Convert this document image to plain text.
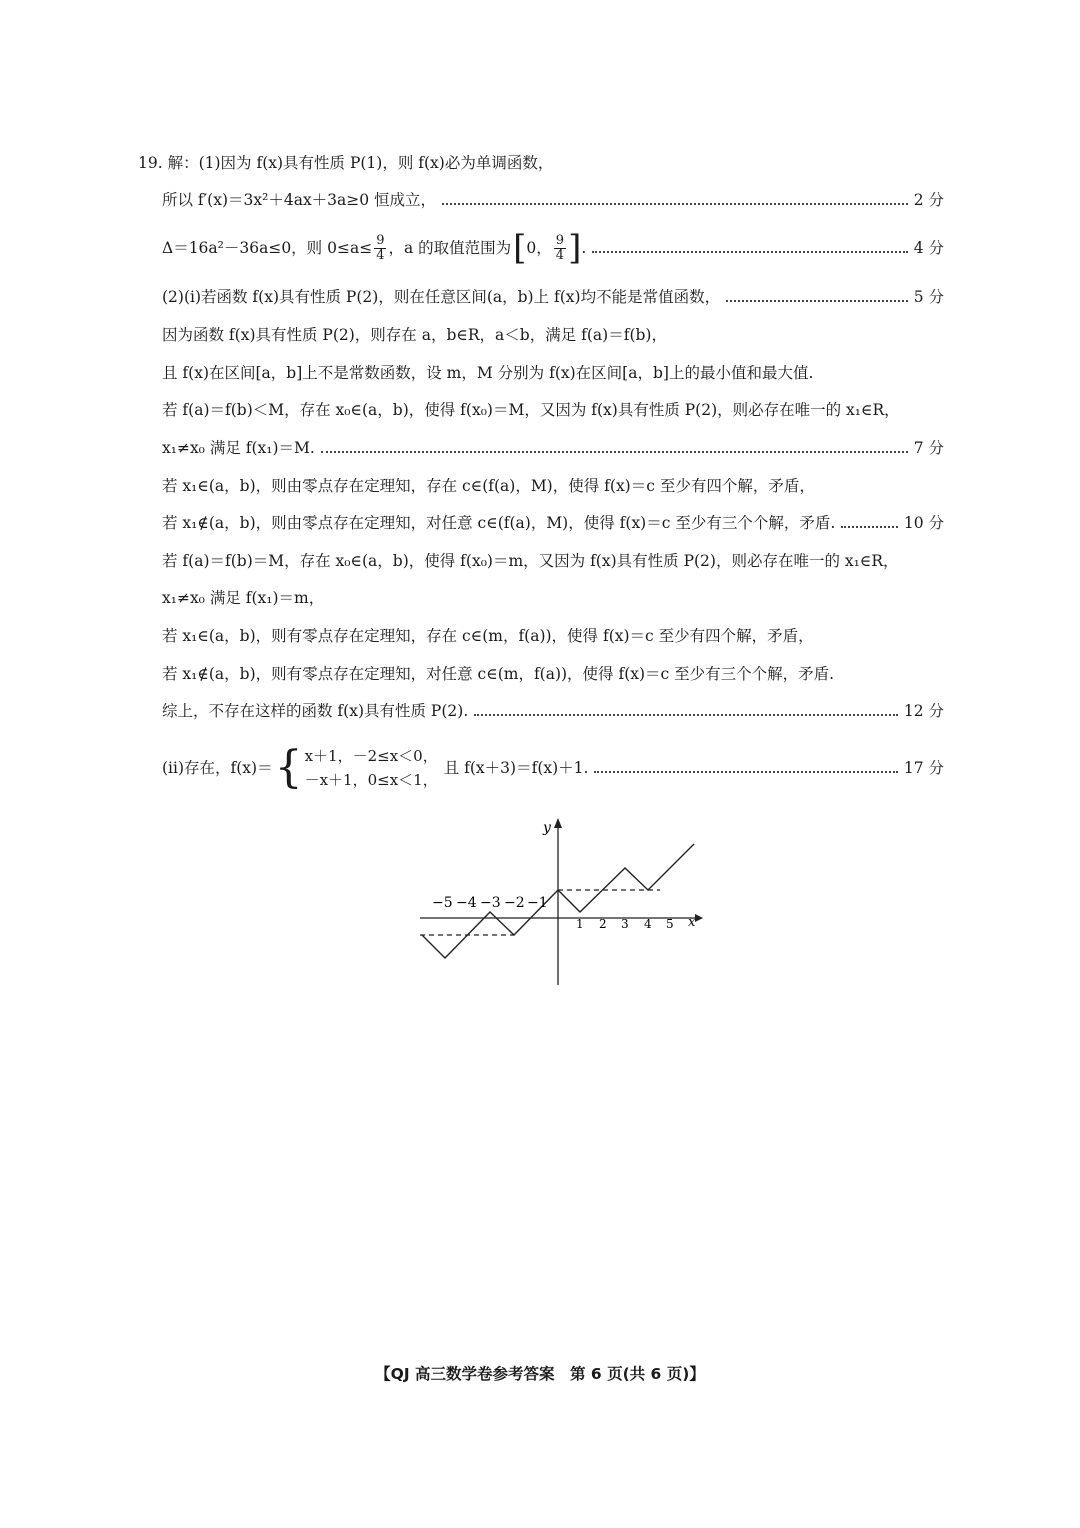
19. 解：(1)因为 f(x)具有性质 P(1)，则 f(x)必为单调函数，
所以 f′(x)＝3x²＋4ax＋3a≥0 恒成立，	2 分
Δ＝16a²－36a≤0，则 $0\le a\le \frac{9}{4}$ ，a 的取值范围为 [ 0， $\frac{9}{4}$ ] .	4 分
(2)(ⅰ)若函数 f(x)具有性质 P(2)，则在任意区间(a，b)上 f(x)均不能是常值函数，	5 分
因为函数 f(x)具有性质 P(2)，则存在 a，b∈R，a＜b，满足 f(a)＝f(b)，
且 f(x)在区间[a，b]上不是常数函数，设 m，M 分别为 f(x)在区间[a，b]上的最小值和最大值.
若 f(a)＝f(b)＜M，存在 x₀∈(a，b)，使得 f(x₀)＝M，又因为 f(x)具有性质 P(2)，则必存在唯一的 x₁∈R，
x₁≠x₀ 满足 f(x₁)＝M.	7 分
若 x₁∈(a，b)，则由零点存在定理知，存在 c∈(f(a)，M)，使得 f(x)＝c 至少有四个解，矛盾，
若 x₁∉(a，b)，则由零点存在定理知，对任意 c∈(f(a)，M)，使得 f(x)＝c 至少有三个个解，矛盾.	10 分
若 f(a)＝f(b)＝M，存在 x₀∈(a，b)，使得 f(x₀)＝m，又因为 f(x)具有性质 P(2)，则必存在唯一的 x₁∈R，
x₁≠x₀ 满足 f(x₁)＝m，
若 x₁∈(a，b)，则有零点存在定理知，存在 c∈(m，f(a))，使得 f(x)＝c 至少有四个解，矛盾，
若 x₁∉(a，b)，则有零点存在定理知，对任意 c∈(m，f(a))，使得 f(x)＝c 至少有三个个解，矛盾.
综上，不存在这样的函数 f(x)具有性质 P(2).	12 分
(ⅱ)存在，f(x)＝ { x＋1，－2≤x＜0，
－x＋1，0≤x＜1，
且 f(x＋3)＝f(x)＋1.	17 分
y
x
−5 −4 −3 −2 −1
1 2 3 4 5
【QJ 高三数学卷参考答案　第 6 页(共 6 页)】
